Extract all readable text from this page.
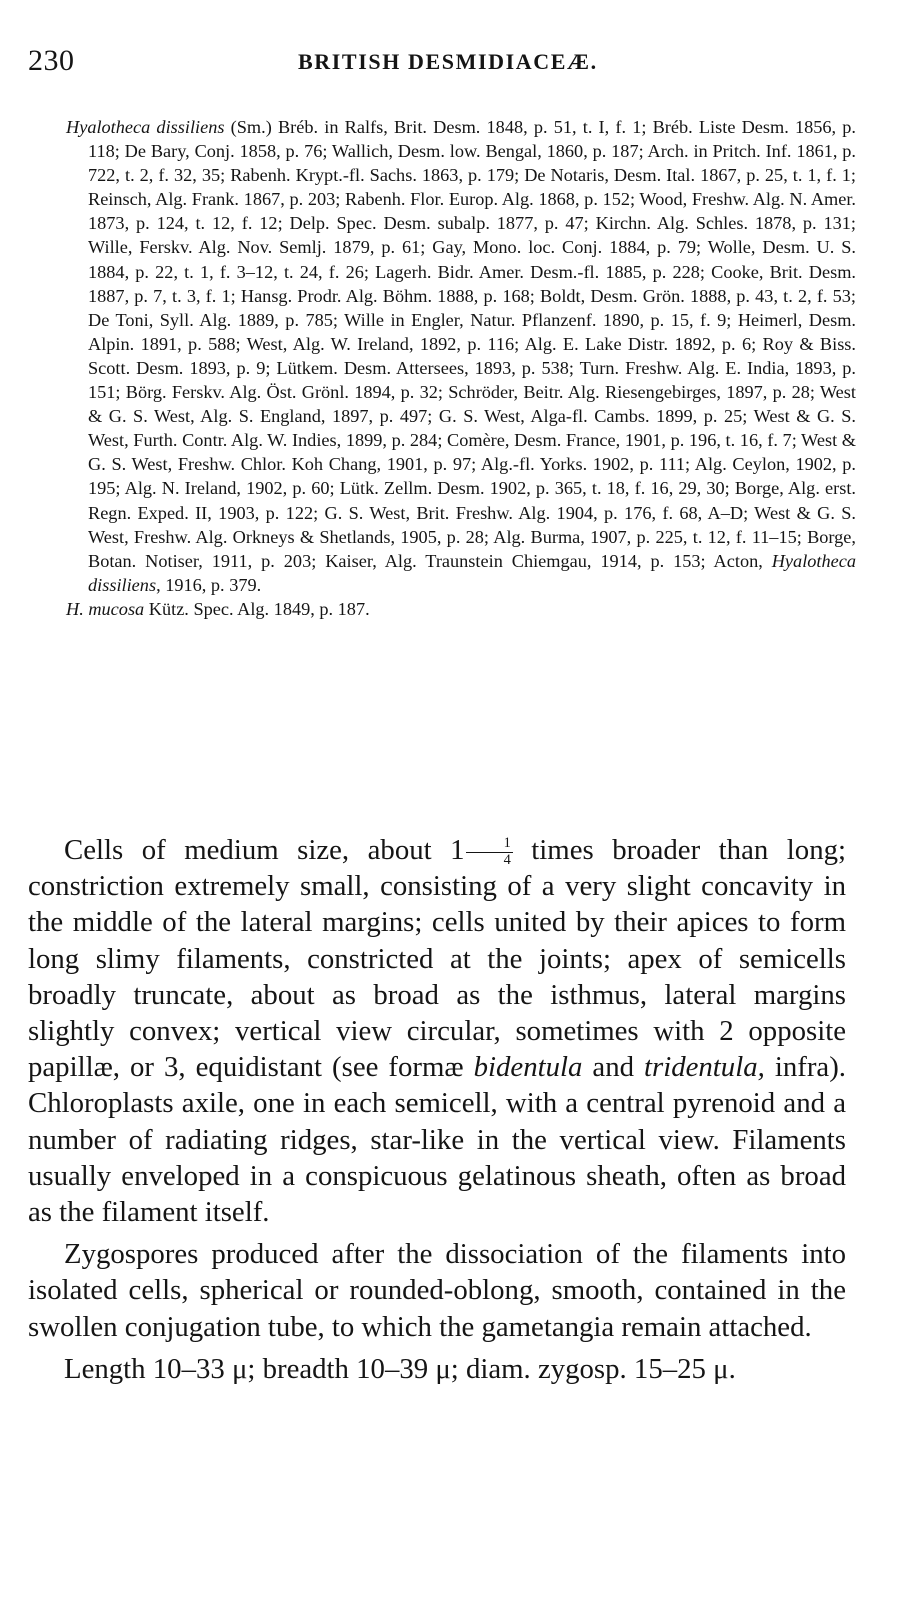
230	BRITISH DESMIDIACEÆ.
Hyalotheca dissiliens (Sm.) Bréb. in Ralfs, Brit. Desm. 1848, p. 51, t. I, f. 1; Bréb. Liste Desm. 1856, p. 118; De Bary, Conj. 1858, p. 76; Wallich, Desm. low. Bengal, 1860, p. 187; Arch. in Pritch. Inf. 1861, p. 722, t. 2, f. 32, 35; Rabenh. Krypt.-fl. Sachs. 1863, p. 179; De Notaris, Desm. Ital. 1867, p. 25, t. 1, f. 1; Reinsch, Alg. Frank. 1867, p. 203; Rabenh. Flor. Europ. Alg. 1868, p. 152; Wood, Freshw. Alg. N. Amer. 1873, p. 124, t. 12, f. 12; Delp. Spec. Desm. subalp. 1877, p. 47; Kirchn. Alg. Schles. 1878, p. 131; Wille, Ferskv. Alg. Nov. Semlj. 1879, p. 61; Gay, Mono. loc. Conj. 1884, p. 79; Wolle, Desm. U. S. 1884, p. 22, t. 1, f. 3–12, t. 24, f. 26; Lagerh. Bidr. Amer. Desm.-fl. 1885, p. 228; Cooke, Brit. Desm. 1887, p. 7, t. 3, f. 1; Hansg. Prodr. Alg. Böhm. 1888, p. 168; Boldt, Desm. Grön. 1888, p. 43, t. 2, f. 53; De Toni, Syll. Alg. 1889, p. 785; Wille in Engler, Natur. Pflanzenf. 1890, p. 15, f. 9; Heimerl, Desm. Alpin. 1891, p. 588; West, Alg. W. Ireland, 1892, p. 116; Alg. E. Lake Distr. 1892, p. 6; Roy & Biss. Scott. Desm. 1893, p. 9; Lütkem. Desm. Attersees, 1893, p. 538; Turn. Freshw. Alg. E. India, 1893, p. 151; Börg. Ferskv. Alg. Öst. Grönl. 1894, p. 32; Schröder, Beitr. Alg. Riesengebirges, 1897, p. 28; West & G. S. West, Alg. S. England, 1897, p. 497; G. S. West, Alga-fl. Cambs. 1899, p. 25; West & G. S. West, Furth. Contr. Alg. W. Indies, 1899, p. 284; Comère, Desm. France, 1901, p. 196, t. 16, f. 7; West & G. S. West, Freshw. Chlor. Koh Chang, 1901, p. 97; Alg.-fl. Yorks. 1902, p. 111; Alg. Ceylon, 1902, p. 195; Alg. N. Ireland, 1902, p. 60; Lütk. Zellm. Desm. 1902, p. 365, t. 18, f. 16, 29, 30; Borge, Alg. erst. Regn. Exped. II, 1903, p. 122; G. S. West, Brit. Freshw. Alg. 1904, p. 176, f. 68, A–D; West & G. S. West, Freshw. Alg. Orkneys & Shetlands, 1905, p. 28; Alg. Burma, 1907, p. 225, t. 12, f. 11–15; Borge, Botan. Notiser, 1911, p. 203; Kaiser, Alg. Traunstein Chiemgau, 1914, p. 153; Acton, Hyalotheca dissiliens, 1916, p. 379.
H. mucosa Kütz. Spec. Alg. 1849, p. 187.

Cells of medium size, about $1 \frac{1}{4}$ times broader than long; constriction extremely small, consisting of a very slight concavity in the middle of the lateral margins; cells united by their apices to form long slimy filaments, constricted at the joints; apex of semicells broadly truncate, about as broad as the isthmus, lateral margins slightly convex; vertical view circular, sometimes with 2 opposite papillæ, or 3, equidistant (see formæ bidentula and tridentula, infra). Chloroplasts axile, one in each semicell, with a central pyrenoid and a number of radiating ridges, star-like in the vertical view. Filaments usually enveloped in a conspicuous gelatinous sheath, often as broad as the filament itself.

Zygospores produced after the dissociation of the filaments into isolated cells, spherical or rounded-oblong, smooth, contained in the swollen conjugation tube, to which the gametangia remain attached.

Length 10–33 μ; breadth 10–39 μ; diam. zygosp. 15–25 μ.
